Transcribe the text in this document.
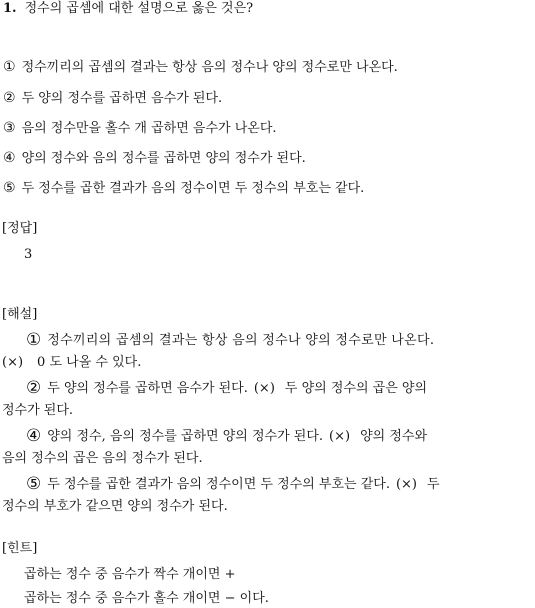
1. 정수의 곱셈에 대한 설명으로 옳은 것은?
① 정수끼리의 곱셈의 결과는 항상 음의 정수나 양의 정수로만 나온다.
② 두 양의 정수를 곱하면 음수가 된다.
③ 음의 정수만을 홀수 개 곱하면 음수가 나온다.
④ 양의 정수와 음의 정수를 곱하면 양의 정수가 된다.
⑤ 두 정수를 곱한 결과가 음의 정수이면 두 정수의 부호는 같다.
[정답]
3
[해설]
① 정수끼리의 곱셈의 결과는 항상 음의 정수나 양의 정수로만 나온다.
(×) 0 도 나올 수 있다.
② 두 양의 정수를 곱하면 음수가 된다. (×) 두 양의 정수의 곱은 양의
정수가 된다.
④ 양의 정수, 음의 정수를 곱하면 양의 정수가 된다. (×) 양의 정수와
음의 정수의 곱은 음의 정수가 된다.
⑤ 두 정수를 곱한 결과가 음의 정수이면 두 정수의 부호는 같다. (×) 두
정수의 부호가 같으면 양의 정수가 된다.
[힌트]
곱하는 정수 중 음수가 짝수 개이면 +
곱하는 정수 중 음수가 홀수 개이면 − 이다.
